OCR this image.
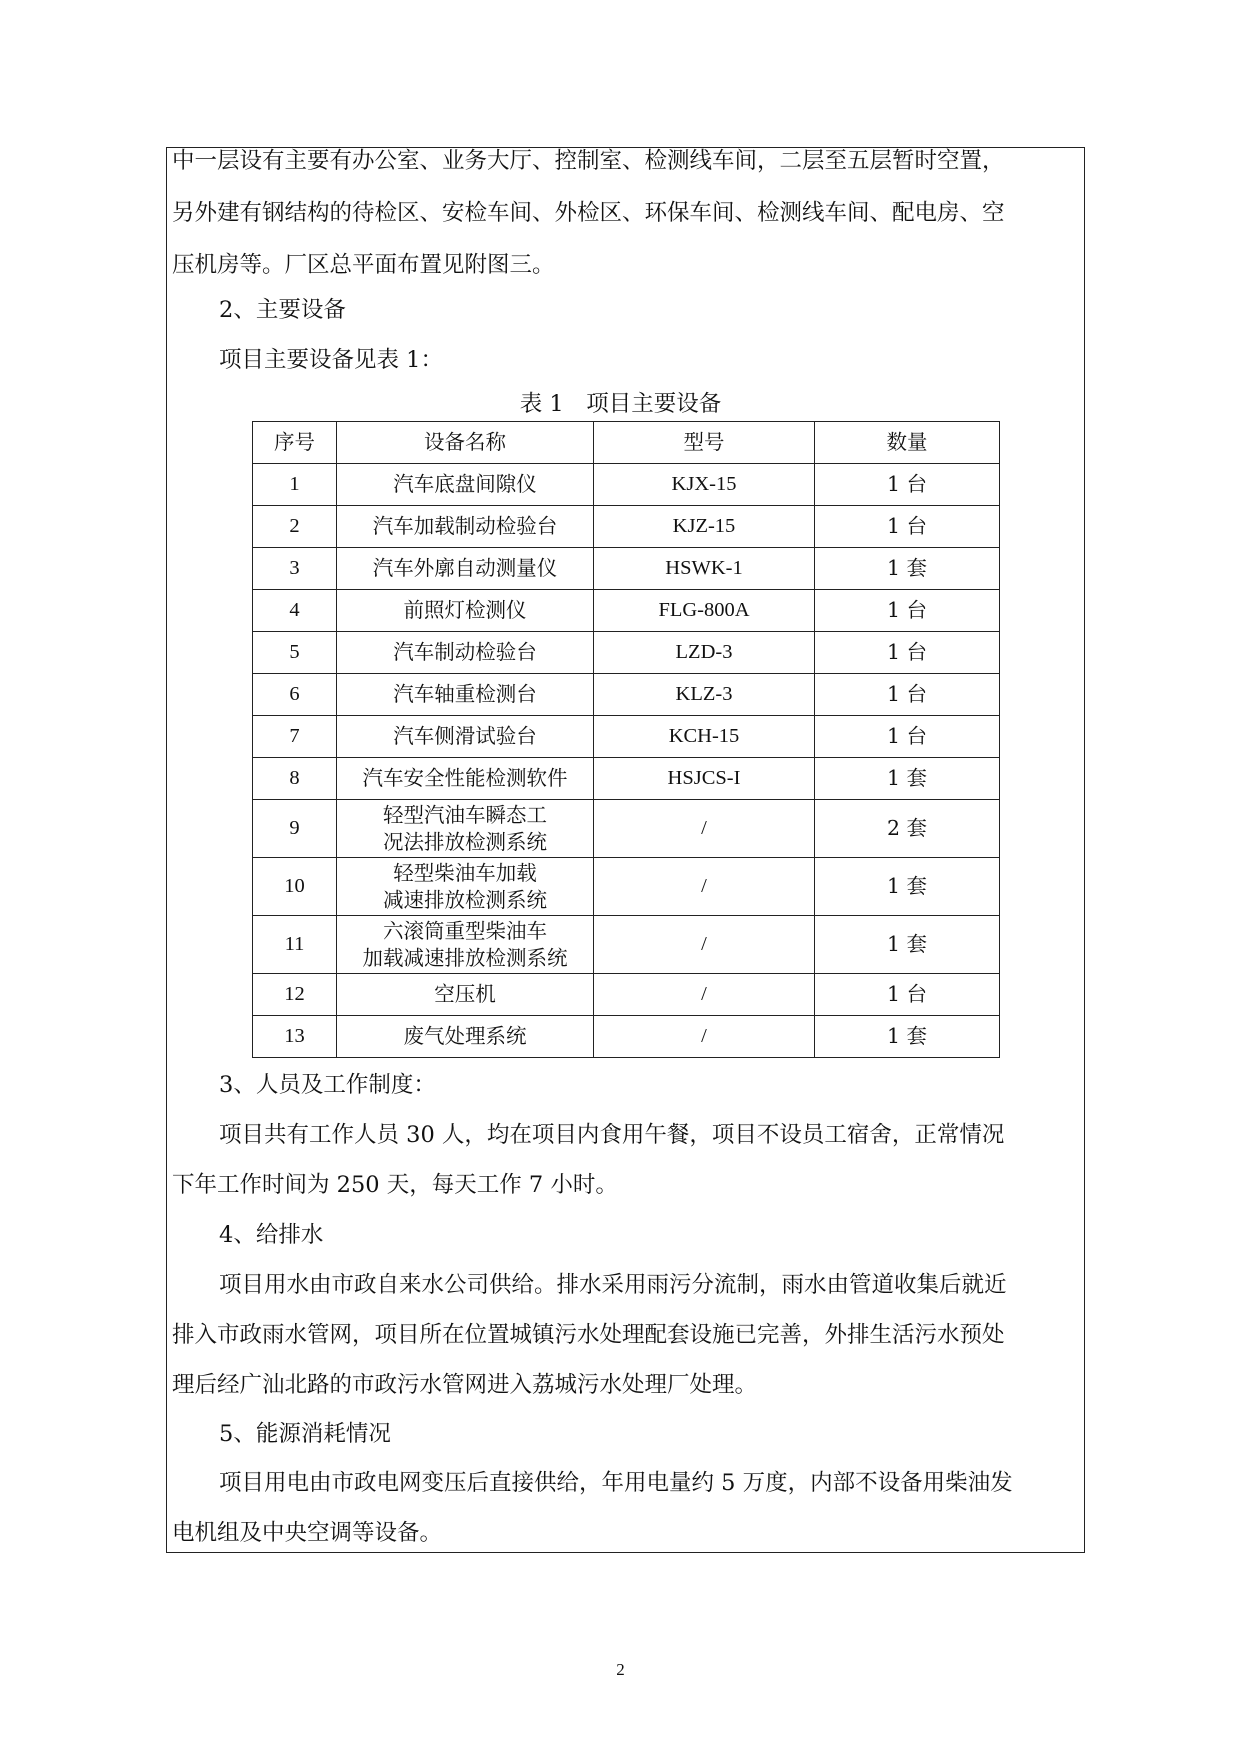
中一层设有主要有办公室、业务大厅、控制室、检测线车间，二层至五层暂时空置，
另外建有钢结构的待检区、安检车间、外检区、环保车间、检测线车间、配电房、空
压机房等。厂区总平面布置见附图三。
2、主要设备
项目主要设备见表 1：
表 1　项目主要设备
序号	设备名称	型号	数量
1	汽车底盘间隙仪	KJX-15	1 台
2	汽车加载制动检验台	KJZ-15	1 台
3	汽车外廓自动测量仪	HSWK-1	1 套
4	前照灯检测仪	FLG-800A	1 台
5	汽车制动检验台	LZD-3	1 台
6	汽车轴重检测台	KLZ-3	1 台
7	汽车侧滑试验台	KCH-15	1 台
8	汽车安全性能检测软件	HSJCS-I	1 套
9	轻型汽油车瞬态工
况法排放检测系统	/	2 套
10	轻型柴油车加载
减速排放检测系统	/	1 套
11	六滚筒重型柴油车
加载减速排放检测系统	/	1 套
12	空压机	/	1 台
13	废气处理系统	/	1 套
3、人员及工作制度：
项目共有工作人员 30 人，均在项目内食用午餐，项目不设员工宿舍，正常情况
下年工作时间为 250 天，每天工作 7 小时。
4、给排水
项目用水由市政自来水公司供给。排水采用雨污分流制，雨水由管道收集后就近
排入市政雨水管网，项目所在位置城镇污水处理配套设施已完善，外排生活污水预处
理后经广汕北路的市政污水管网进入荔城污水处理厂处理。
5、能源消耗情况
项目用电由市政电网变压后直接供给，年用电量约 5 万度，内部不设备用柴油发
电机组及中央空调等设备。
2
